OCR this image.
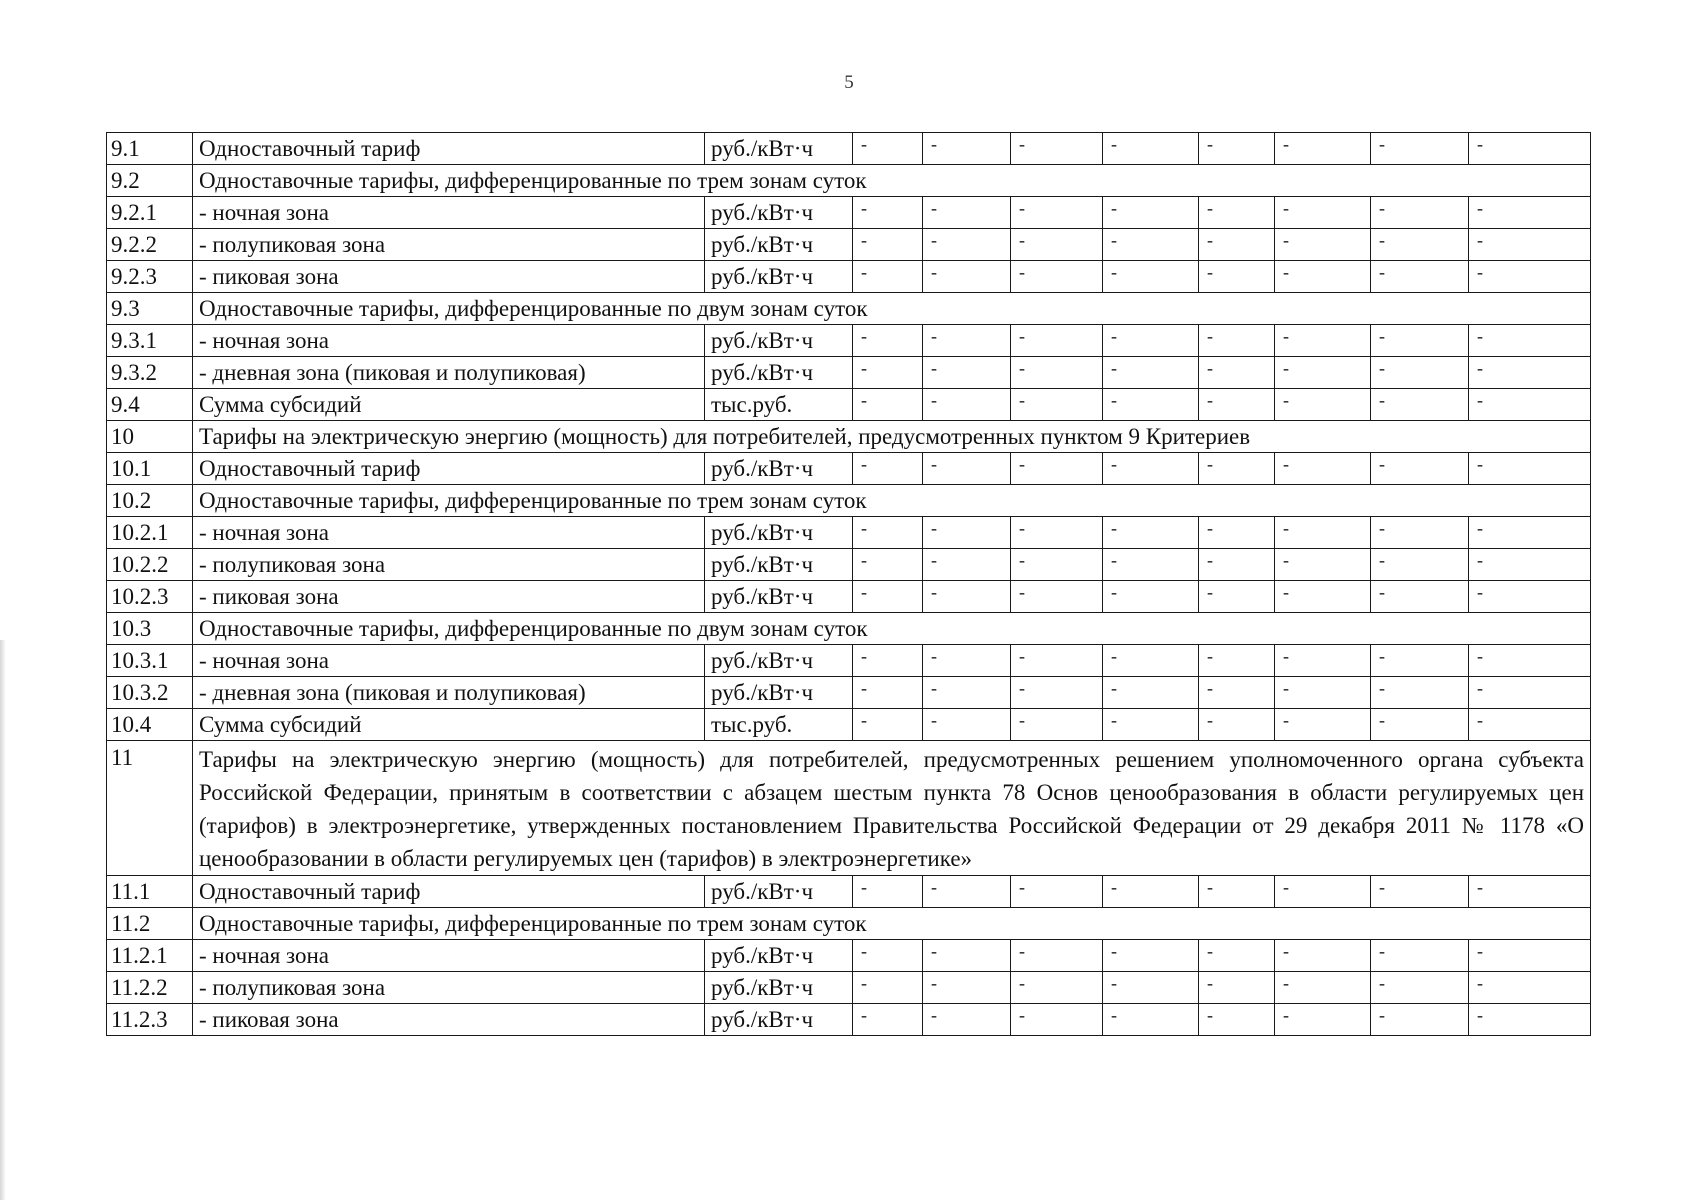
5
9.1	Одноставочный тариф	руб./кВт·ч	-	-	-	-	-	-	-	-
9.2	Одноставочные тарифы, дифференцированные по трем зонам суток									
9.2.1	- ночная зона	руб./кВт·ч	-	-	-	-	-	-	-	-
9.2.2	- полупиковая зона	руб./кВт·ч	-	-	-	-	-	-	-	-
9.2.3	- пиковая зона	руб./кВт·ч	-	-	-	-	-	-	-	-
9.3	Одноставочные тарифы, дифференцированные по двум зонам суток									
9.3.1	- ночная зона	руб./кВт·ч	-	-	-	-	-	-	-	-
9.3.2	- дневная зона (пиковая и полупиковая)	руб./кВт·ч	-	-	-	-	-	-	-	-
9.4	Сумма субсидий	тыс.руб.	-	-	-	-	-	-	-	-
10	Тарифы на электрическую энергию (мощность) для потребителей, предусмотренных пунктом 9 Критериев									
10.1	Одноставочный тариф	руб./кВт·ч	-	-	-	-	-	-	-	-
10.2	Одноставочные тарифы, дифференцированные по трем зонам суток									
10.2.1	- ночная зона	руб./кВт·ч	-	-	-	-	-	-	-	-
10.2.2	- полупиковая зона	руб./кВт·ч	-	-	-	-	-	-	-	-
10.2.3	- пиковая зона	руб./кВт·ч	-	-	-	-	-	-	-	-
10.3	Одноставочные тарифы, дифференцированные по двум зонам суток									
10.3.1	- ночная зона	руб./кВт·ч	-	-	-	-	-	-	-	-
10.3.2	- дневная зона (пиковая и полупиковая)	руб./кВт·ч	-	-	-	-	-	-	-	-
10.4	Сумма субсидий	тыс.руб.	-	-	-	-	-	-	-	-
11	Тарифы на электрическую энергию (мощность) для потребителей, предусмотренных решением уполномоченного органа субъекта Российской Федерации, принятым в соответствии с абзацем шестым пункта 78 Основ ценообразования в области регулируемых цен (тарифов) в электроэнергетике, утвержденных постановлением Правительства Российской Федерации от 29 декабря 2011 № 1178 «О ценообразовании в области регулируемых цен (тарифов) в электроэнергетике»									
11.1	Одноставочный тариф	руб./кВт·ч	-	-	-	-	-	-	-	-
11.2	Одноставочные тарифы, дифференцированные по трем зонам суток									
11.2.1	- ночная зона	руб./кВт·ч	-	-	-	-	-	-	-	-
11.2.2	- полупиковая зона	руб./кВт·ч	-	-	-	-	-	-	-	-
11.2.3	- пиковая зона	руб./кВт·ч	-	-	-	-	-	-	-	-
